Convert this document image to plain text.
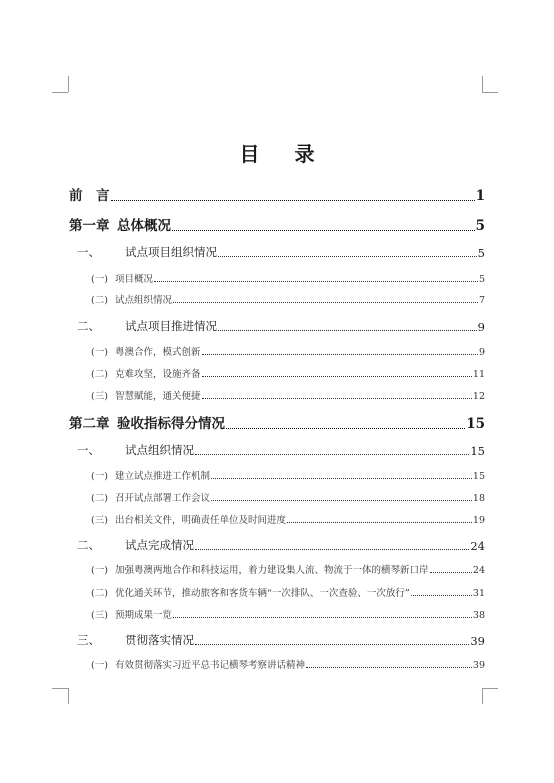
目 录
前　言	1
第一章 总体概况	5
一、	试点项目组织情况	5
(一) 项目概况	5
(二) 试点组织情况	7
二、	试点项目推进情况	9
(一) 粤澳合作，模式创新	9
(二) 克难攻坚，设施齐备	11
(三) 智慧赋能，通关便捷	12
第二章 验收指标得分情况	15
一、	试点组织情况	15
(一) 建立试点推进工作机制	15
(二) 召开试点部署工作会议	18
(三) 出台相关文件，明确责任单位及时间进度	19
二、	试点完成情况	24
(一) 加强粤澳两地合作和科技运用，着力建设集人流、物流于一体的横琴新口岸	24
(二) 优化通关环节，推动旅客和客货车辆“一次排队、一次查验、一次放行”	31
(三) 预期成果一览	38
三、	贯彻落实情况	39
(一) 有效贯彻落实习近平总书记横琴考察讲话精神	39
